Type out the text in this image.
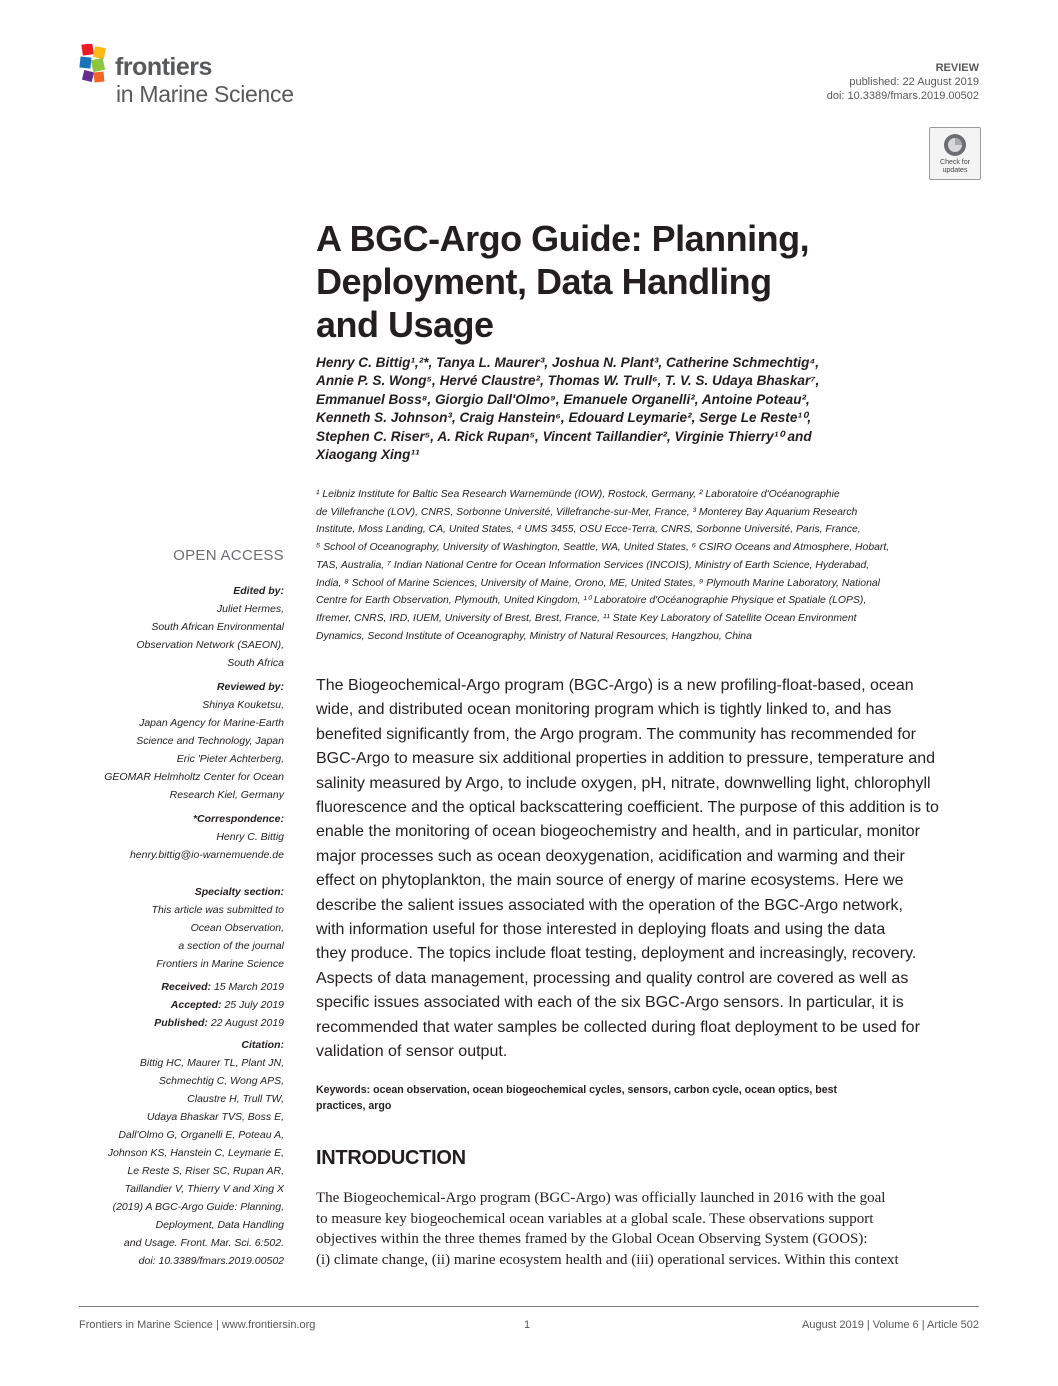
frontiers
in Marine Science
REVIEW
published: 22 August 2019
doi: 10.3389/fmars.2019.00502
Check for updates
A BGC-Argo Guide: Planning,
Deployment, Data Handling
and Usage
Henry C. Bittig¹,²*, Tanya L. Maurer³, Joshua N. Plant³, Catherine Schmechtig⁴,
Annie P. S. Wong⁵, Hervé Claustre², Thomas W. Trull⁶, T. V. S. Udaya Bhaskar⁷,
Emmanuel Boss⁸, Giorgio Dall'Olmo⁹, Emanuele Organelli², Antoine Poteau²,
Kenneth S. Johnson³, Craig Hanstein⁶, Edouard Leymarie², Serge Le Reste¹⁰,
Stephen C. Riser⁵, A. Rick Rupan⁵, Vincent Taillandier², Virginie Thierry¹⁰ and
Xiaogang Xing¹¹
¹ Leibniz Institute for Baltic Sea Research Warnemünde (IOW), Rostock, Germany, ² Laboratoire d'Océanographie
de Villefranche (LOV), CNRS, Sorbonne Université, Villefranche-sur-Mer, France, ³ Monterey Bay Aquarium Research
Institute, Moss Landing, CA, United States, ⁴ UMS 3455, OSU Ecce-Terra, CNRS, Sorbonne Université, Paris, France,
⁵ School of Oceanography, University of Washington, Seattle, WA, United States, ⁶ CSIRO Oceans and Atmosphere, Hobart,
TAS, Australia, ⁷ Indian National Centre for Ocean Information Services (INCOIS), Ministry of Earth Science, Hyderabad,
India, ⁸ School of Marine Sciences, University of Maine, Orono, ME, United States, ⁹ Plymouth Marine Laboratory, National
Centre for Earth Observation, Plymouth, United Kingdom, ¹⁰ Laboratoire d'Océanographie Physique et Spatiale (LOPS),
Ifremer, CNRS, IRD, IUEM, University of Brest, Brest, France, ¹¹ State Key Laboratory of Satellite Ocean Environment
Dynamics, Second Institute of Oceanography, Ministry of Natural Resources, Hangzhou, China
OPEN ACCESS
Edited by:
Juliet Hermes,
South African Environmental
Observation Network (SAEON),
South Africa
Reviewed by:
Shinya Kouketsu,
Japan Agency for Marine-Earth
Science and Technology, Japan
Eric 'Pieter Achterberg,
GEOMAR Helmholtz Center for Ocean
Research Kiel, Germany
*Correspondence:
Henry C. Bittig
henry.bittig@io-warnemuende.de
Specialty section:
This article was submitted to
Ocean Observation,
a section of the journal
Frontiers in Marine Science
Received: 15 March 2019
Accepted: 25 July 2019
Published: 22 August 2019
Citation:
Bittig HC, Maurer TL, Plant JN,
Schmechtig C, Wong APS,
Claustre H, Trull TW,
Udaya Bhaskar TVS, Boss E,
Dall'Olmo G, Organelli E, Poteau A,
Johnson KS, Hanstein C, Leymarie E,
Le Reste S, Riser SC, Rupan AR,
Taillandier V, Thierry V and Xing X
(2019) A BGC-Argo Guide: Planning,
Deployment, Data Handling
and Usage. Front. Mar. Sci. 6:502.
doi: 10.3389/fmars.2019.00502
The Biogeochemical-Argo program (BGC-Argo) is a new profiling-float-based, ocean
wide, and distributed ocean monitoring program which is tightly linked to, and has
benefited significantly from, the Argo program. The community has recommended for
BGC-Argo to measure six additional properties in addition to pressure, temperature and
salinity measured by Argo, to include oxygen, pH, nitrate, downwelling light, chlorophyll
fluorescence and the optical backscattering coefficient. The purpose of this addition is to
enable the monitoring of ocean biogeochemistry and health, and in particular, monitor
major processes such as ocean deoxygenation, acidification and warming and their
effect on phytoplankton, the main source of energy of marine ecosystems. Here we
describe the salient issues associated with the operation of the BGC-Argo network,
with information useful for those interested in deploying floats and using the data
they produce. The topics include float testing, deployment and increasingly, recovery.
Aspects of data management, processing and quality control are covered as well as
specific issues associated with each of the six BGC-Argo sensors. In particular, it is
recommended that water samples be collected during float deployment to be used for
validation of sensor output.
Keywords: ocean observation, ocean biogeochemical cycles, sensors, carbon cycle, ocean optics, best
practices, argo
INTRODUCTION
The Biogeochemical-Argo program (BGC-Argo) was officially launched in 2016 with the goal
to measure key biogeochemical ocean variables at a global scale. These observations support
objectives within the three themes framed by the Global Ocean Observing System (GOOS):
(i) climate change, (ii) marine ecosystem health and (iii) operational services. Within this context
Frontiers in Marine Science | www.frontiersin.org	1	August 2019 | Volume 6 | Article 502
